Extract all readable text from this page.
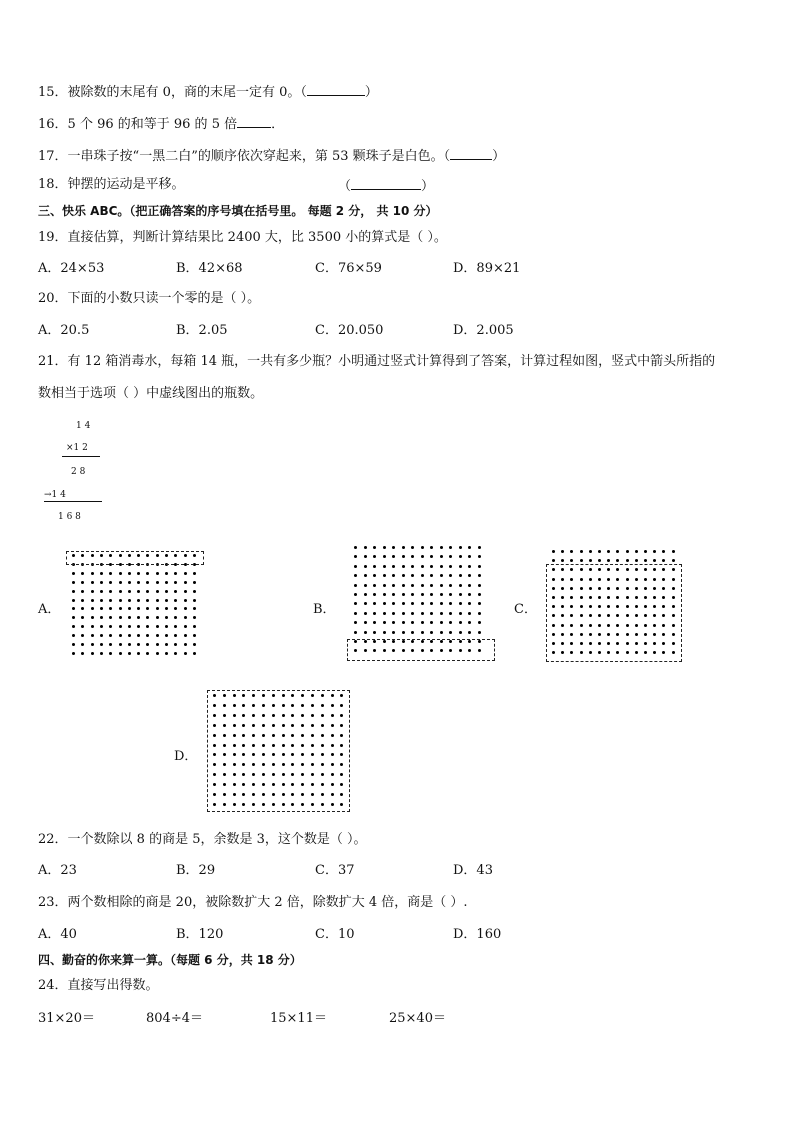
15．被除数的末尾有 0，商的末尾一定有 0。（	）
16．5 个 96 的和等于 96 的 5 倍	．
17．一串珠子按“一黑二白”的顺序依次穿起来，第 53 颗珠子是白色。（	）
18．钟摆的运动是平移。	（	）
三、快乐 ABC。（把正确答案的序号填在括号里。 每题 2 分， 共 10 分）
19．直接估算，判断计算结果比 2400 大，比 3500 小的算式是（ ）。
A．24×53	B．42×68	C．76×59	D．89×21
20．下面的小数只读一个零的是（ ）。
A．20.5	B．2.05	C．20.050	D．2.005
21．有 12 箱消毒水，每箱 14 瓶，一共有多少瓶？小明通过竖式计算得到了答案，计算过程如图，竖式中箭头所指的
数相当于选项（ ）中虚线图出的瓶数。
1 4
×1 2
2 8
→1 4
1 6 8
A．	B．	C．
D．
22．一个数除以 8 的商是 5，余数是 3，这个数是（ ）。
A．23	B．29	C．37	D．43
23．两个数相除的商是 20，被除数扩大 2 倍，除数扩大 4 倍，商是（ ）.
A．40	B．120	C．10	D．160
四、勤奋的你来算一算。（每题 6 分，共 18 分）
24．直接写出得数。
31×20＝	804÷4＝	15×11＝	25×40＝
